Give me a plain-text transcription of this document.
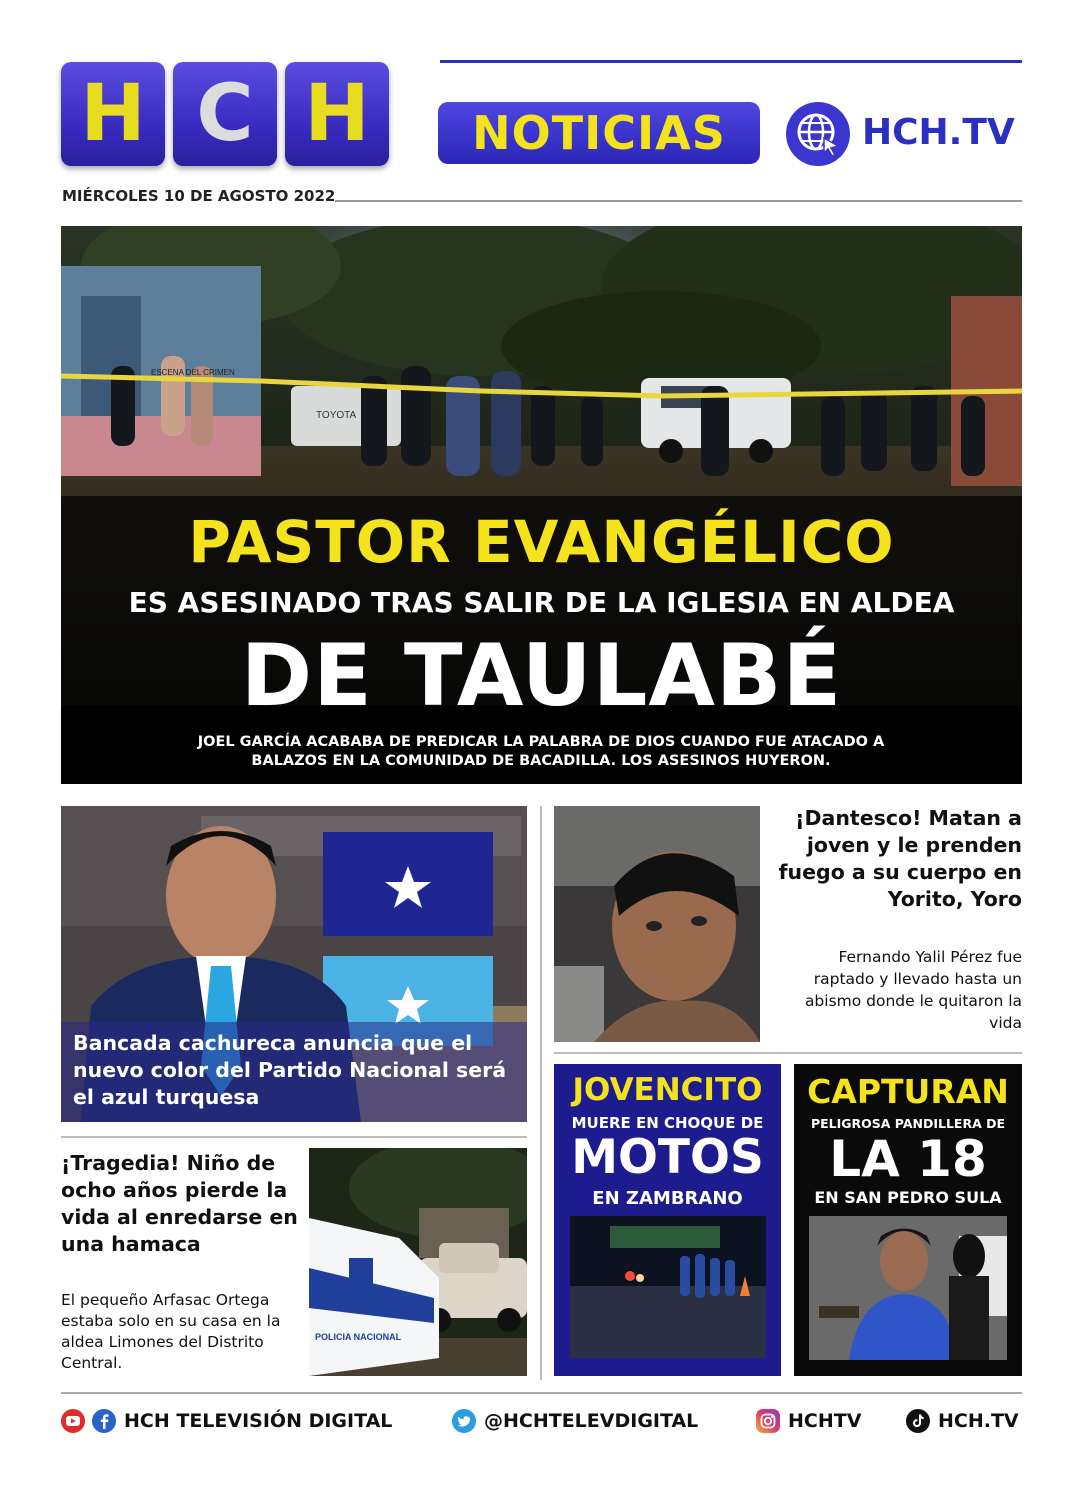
H C H	NOTICIAS	HCH.TV
MIÉRCOLES 10 DE AGOSTO 2022
TOYOTA
ESCENA DEL CRIMEN
PASTOR EVANGÉLICO
ES ASESINADO TRAS SALIR DE LA IGLESIA EN ALDEA
DE TAULABÉ
JOEL GARCÍA ACABABA DE PREDICAR LA PALABRA DE DIOS CUANDO FUE ATACADO A BALAZOS EN LA COMUNIDAD DE BACADILLA. LOS ASESINOS HUYERON.
Bancada cachureca anuncia que el nuevo color del Partido Nacional será el azul turquesa
¡Tragedia! Niño de ocho años pierde la vida al enredarse en una hamaca
El pequeño Arfasac Ortega estaba solo en su casa en la aldea Limones del Distrito Central.
POLICIA NACIONAL
¡Dantesco! Matan a joven y le prenden fuego a su cuerpo en Yorito, Yoro
Fernando Yalil Pérez fue raptado y llevado hasta un abismo donde le quitaron la vida
JOVENCITO
MUERE EN CHOQUE DE
MOTOS
EN ZAMBRANO
CAPTURAN
PELIGROSA PANDILLERA DE
LA 18
EN SAN PEDRO SULA
HCH TELEVISIÓN DIGITAL	@HCHTELEVDIGITAL	HCHTV	HCH.TV
